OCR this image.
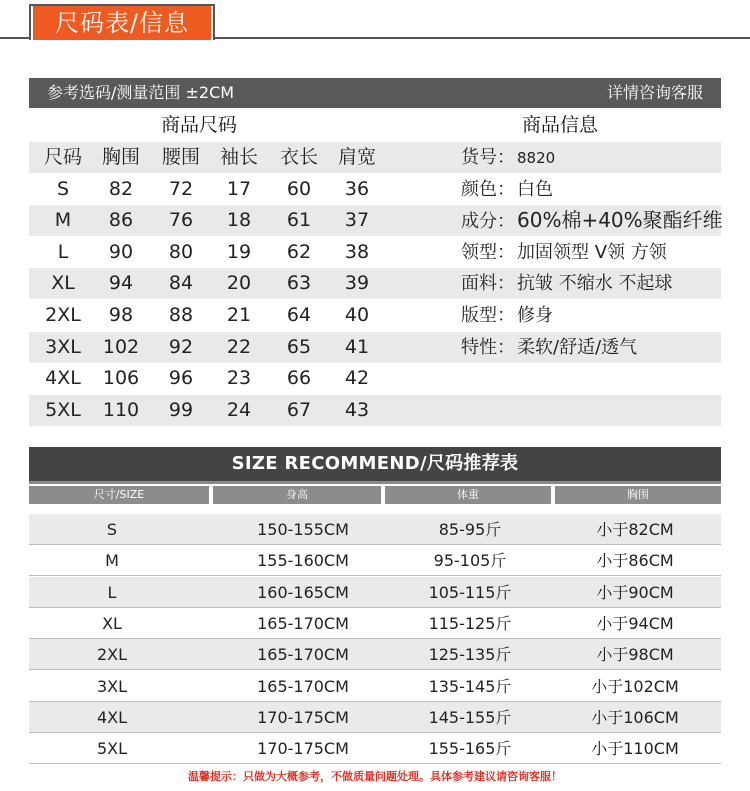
尺码表/信息
参考选码/测量范围 ±2CM	详情咨询客服
商品尺码	商品信息
尺码 胸围 腰围 袖长 衣长 肩宽	货号： 8820
S	82	72	17	60	36	颜色： 白色
M	86	76	18	61	37	成分： 60%棉+40%聚酯纤维
L	90	80	19	62	38	领型： 加固领型 V领 方领
XL	94	84	20	63	39	面料： 抗皱 不缩水 不起球
2XL	98	88	21	64	40	版型： 修身
3XL	102	92	22	65	41	特性： 柔软/舒适/透气
4XL	106	96	23	66	42
5XL	110	99	24	67	43
SIZE RECOMMEND/尺码推荐表
尺寸/SIZE	身高	体重	胸围
S	150-155CM	85-95斤	小于82CM
M	155-160CM	95-105斤	小于86CM
L	160-165CM	105-115斤	小于90CM
XL	165-170CM	115-125斤	小于94CM
2XL	165-170CM	125-135斤	小于98CM
3XL	165-170CM	135-145斤	小于102CM
4XL	170-175CM	145-155斤	小于106CM
5XL	170-175CM	155-165斤	小于110CM
温馨提示：只做为大概参考，不做质量问题处理。具体参考建议请咨询客服！
